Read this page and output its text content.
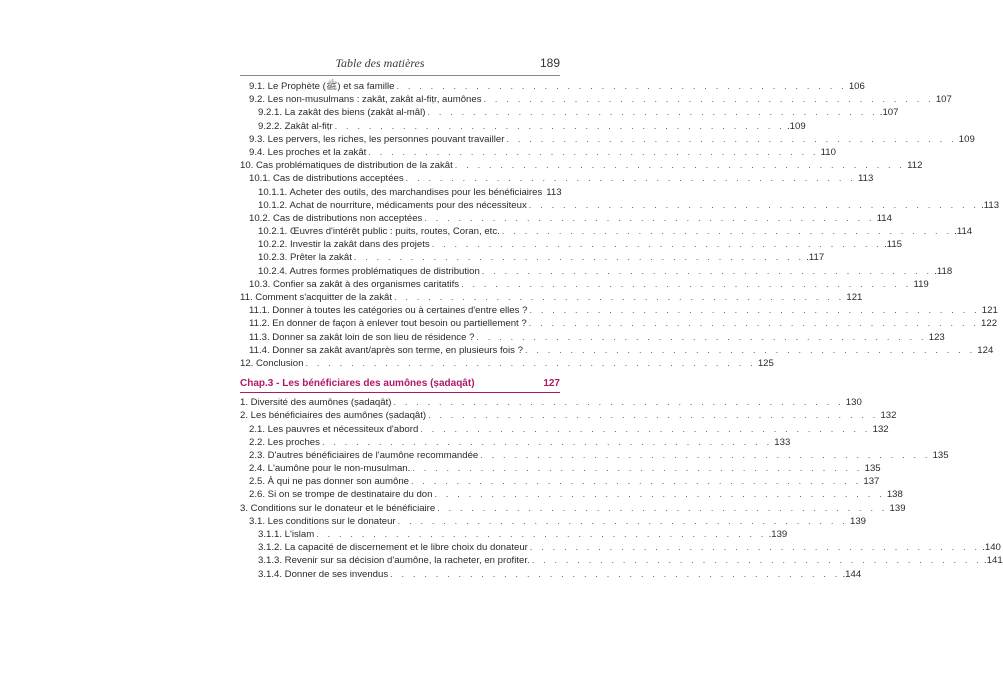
Table des matières	189
9.1. Le Prophète (ﷺ) et sa famille . . . . . . . . . . . . . . . . . . . . . . . . . . . . . . . . . . . . . . . . 106
9.2. Les non-musulmans : zakât, zakât al-fiṭr, aumônes . . . . . . . . . . . . . . . . . . . . . . . . . . . . . . . . . . . . . . . . 107
9.2.1. La zakât des biens (zakât al-mâl) . . . . . . . . . . . . . . . . . . . . . . . . . . . . . . . . . . . . . . . . .107
9.2.2. Zakât al-fiṭr . . . . . . . . . . . . . . . . . . . . . . . . . . . . . . . . . . . . . . . . .109
9.3. Les pervers, les riches, les personnes pouvant travailler . . . . . . . . . . . . . . . . . . . . . . . . . . . . . . . . . . . . . . . . 109
9.4. Les proches et la zakât . . . . . . . . . . . . . . . . . . . . . . . . . . . . . . . . . . . . . . . . 110
10. Cas problématiques de distribution de la zakât . . . . . . . . . . . . . . . . . . . . . . . . . . . . . . . . . . . . . . . . 112
10.1. Cas de distributions acceptées . . . . . . . . . . . . . . . . . . . . . . . . . . . . . . . . . . . . . . . . 113
10.1.1. Acheter des outils, des marchandises pour les bénéficiaires 113
10.1.2. Achat de nourriture, médicaments pour des nécessiteux . . . . . . . . . . . . . . . . . . . . . . . . . . . . . . . . . . . . . . . . .113
10.2. Cas de distributions non acceptées . . . . . . . . . . . . . . . . . . . . . . . . . . . . . . . . . . . . . . . . 114
10.2.1. Œuvres d'intérêt public : puits, routes, Coran, etc. . . . . . . . . . . . . . . . . . . . . . . . . . . . . . . . . . . . . . . . . .114
10.2.2. Investir la zakât dans des projets . . . . . . . . . . . . . . . . . . . . . . . . . . . . . . . . . . . . . . . . .115
10.2.3. Prêter la zakât . . . . . . . . . . . . . . . . . . . . . . . . . . . . . . . . . . . . . . . . .117
10.2.4. Autres formes problématiques de distribution . . . . . . . . . . . . . . . . . . . . . . . . . . . . . . . . . . . . . . . . .118
10.3. Confier sa zakât à des organismes caritatifs . . . . . . . . . . . . . . . . . . . . . . . . . . . . . . . . . . . . . . . . 119
11. Comment s'acquitter de la zakât . . . . . . . . . . . . . . . . . . . . . . . . . . . . . . . . . . . . . . . . 121
11.1. Donner à toutes les catégories ou à certaines d'entre elles ? . . . . . . . . . . . . . . . . . . . . . . . . . . . . . . . . . . . . . . . . 121
11.2. En donner de façon à enlever tout besoin ou partiellement ? . . . . . . . . . . . . . . . . . . . . . . . . . . . . . . . . . . . . . . . . 122
11.3. Donner sa zakât loin de son lieu de résidence ? . . . . . . . . . . . . . . . . . . . . . . . . . . . . . . . . . . . . . . . . 123
11.4. Donner sa zakât avant/après son terme, en plusieurs fois ? . . . . . . . . . . . . . . . . . . . . . . . . . . . . . . . . . . . . . . . . 124
12. Conclusion . . . . . . . . . . . . . . . . . . . . . . . . . . . . . . . . . . . . . . . . 125
Chap.3 - Les bénéficiares des aumônes (ṣadaqât)	127
1. Diversité des aumônes (ṣadaqât) . . . . . . . . . . . . . . . . . . . . . . . . . . . . . . . . . . . . . . . . 130
2. Les bénéficiaires des aumônes (ṣadaqât) . . . . . . . . . . . . . . . . . . . . . . . . . . . . . . . . . . . . . . . . 132
2.1. Les pauvres et nécessiteux d'abord . . . . . . . . . . . . . . . . . . . . . . . . . . . . . . . . . . . . . . . . 132
2.2. Les proches . . . . . . . . . . . . . . . . . . . . . . . . . . . . . . . . . . . . . . . . 133
2.3. D'autres bénéficiaires de l'aumône recommandée . . . . . . . . . . . . . . . . . . . . . . . . . . . . . . . . . . . . . . . . 135
2.4. L'aumône pour le non-musulman. . . . . . . . . . . . . . . . . . . . . . . . . . . . . . . . . . . . . . . . . 135
2.5. À qui ne pas donner son aumône . . . . . . . . . . . . . . . . . . . . . . . . . . . . . . . . . . . . . . . . 137
2.6. Si on se trompe de destinataire du don . . . . . . . . . . . . . . . . . . . . . . . . . . . . . . . . . . . . . . . . 138
3. Conditions sur le donateur et le bénéficiaire . . . . . . . . . . . . . . . . . . . . . . . . . . . . . . . . . . . . . . . . 139
3.1. Les conditions sur le donateur . . . . . . . . . . . . . . . . . . . . . . . . . . . . . . . . . . . . . . . . 139
3.1.1. L'islam . . . . . . . . . . . . . . . . . . . . . . . . . . . . . . . . . . . . . . . . .139
3.1.2. La capacité de discernement et le libre choix du donateur . . . . . . . . . . . . . . . . . . . . . . . . . . . . . . . . . . . . . . . . .140
3.1.3. Revenir sur sa décision d'aumône, la racheter, en profiter. . . . . . . . . . . . . . . . . . . . . . . . . . . . . . . . . . . . . . . . . .141
3.1.4. Donner de ses invendus . . . . . . . . . . . . . . . . . . . . . . . . . . . . . . . . . . . . . . . . .144
